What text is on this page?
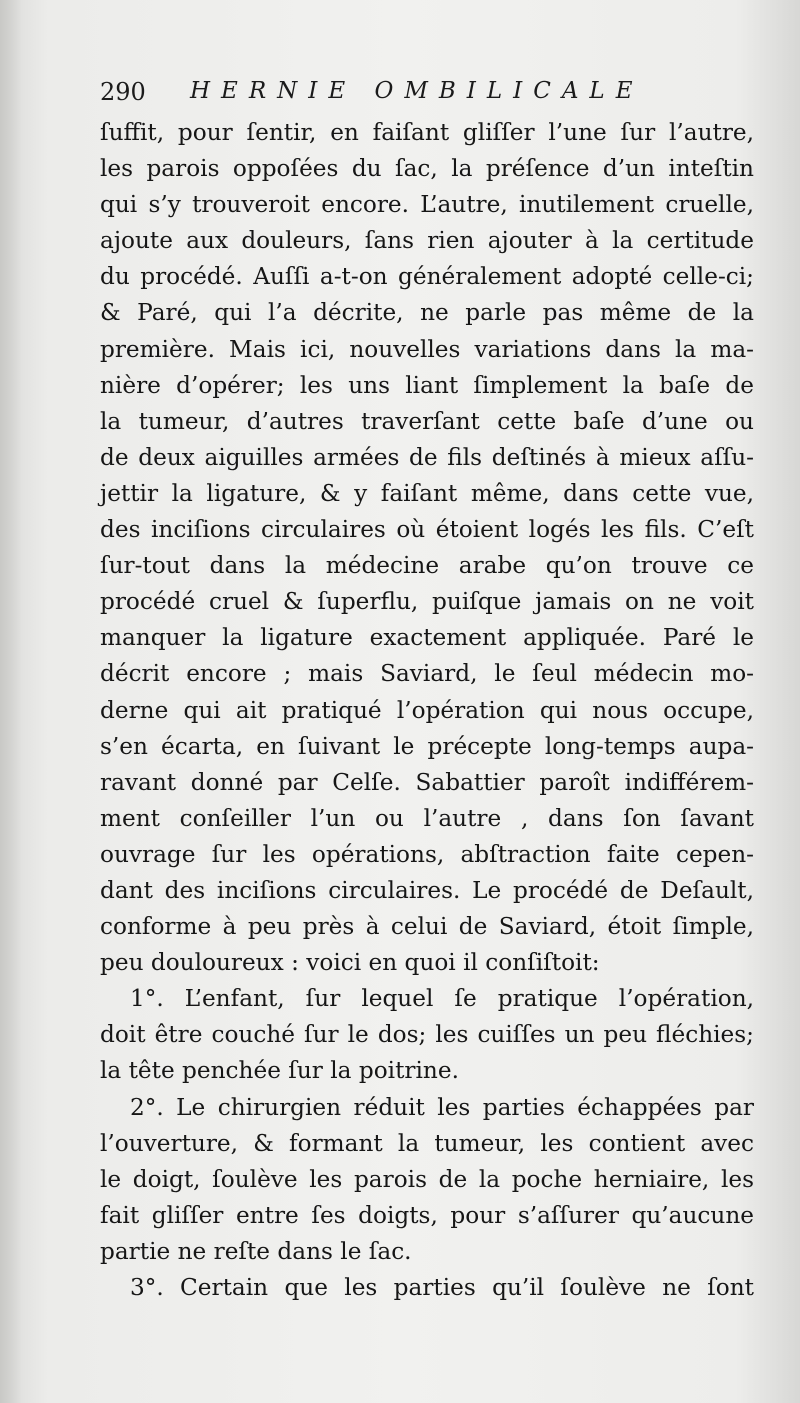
290 HERNIE OMBILICALE
ſuffit, pour ſentir, en faiſant gliſſer l’une ſur l’autre,
les parois oppoſées du ſac, la préſence d’un inteſtin
qui s’y trouveroit encore. L’autre, inutilement cruelle,
ajoute aux douleurs, ſans rien ajouter à la certitude
du procédé. Auſſi a-t-on généralement adopté celle-ci;
& Paré, qui l’a décrite, ne parle pas même de la
première. Mais ici, nouvelles variations dans la ma-
nière d’opérer; les uns liant ſimplement la baſe de
la tumeur, d’autres traverſant cette baſe d’une ou
de deux aiguilles armées de fils deſtinés à mieux aſſu-
jettir la ligature, & y faiſant même, dans cette vue,
des inciſions circulaires où étoient logés les fils. C’eſt
ſur-tout dans la médecine arabe qu’on trouve ce
procédé cruel & ſuperflu, puiſque jamais on ne voit
manquer la ligature exactement appliquée. Paré le
décrit encore ; mais Saviard, le ſeul médecin mo-
derne qui ait pratiqué l’opération qui nous occupe,
s’en écarta, en ſuivant le précepte long-temps aupa-
ravant donné par Celſe. Sabattier paroît indifférem-
ment conſeiller l’un ou l’autre , dans ſon ſavant
ouvrage ſur les opérations, abſtraction faite cepen-
dant des inciſions circulaires. Le procédé de Deſault,
conforme à peu près à celui de Saviard, étoit ſimple,
peu douloureux : voici en quoi il conſiſtoit:
1°. L’enfant, ſur lequel ſe pratique l’opération,
doit être couché ſur le dos; les cuiſſes un peu fléchies;
la tête penchée ſur la poitrine.
2°. Le chirurgien réduit les parties échappées par
l’ouverture, & formant la tumeur, les contient avec
le doigt, ſoulève les parois de la poche herniaire, les
fait gliſſer entre ſes doigts, pour s’aſſurer qu’aucune
partie ne reſte dans le ſac.
3°. Certain que les parties qu’il ſoulève ne ſont
